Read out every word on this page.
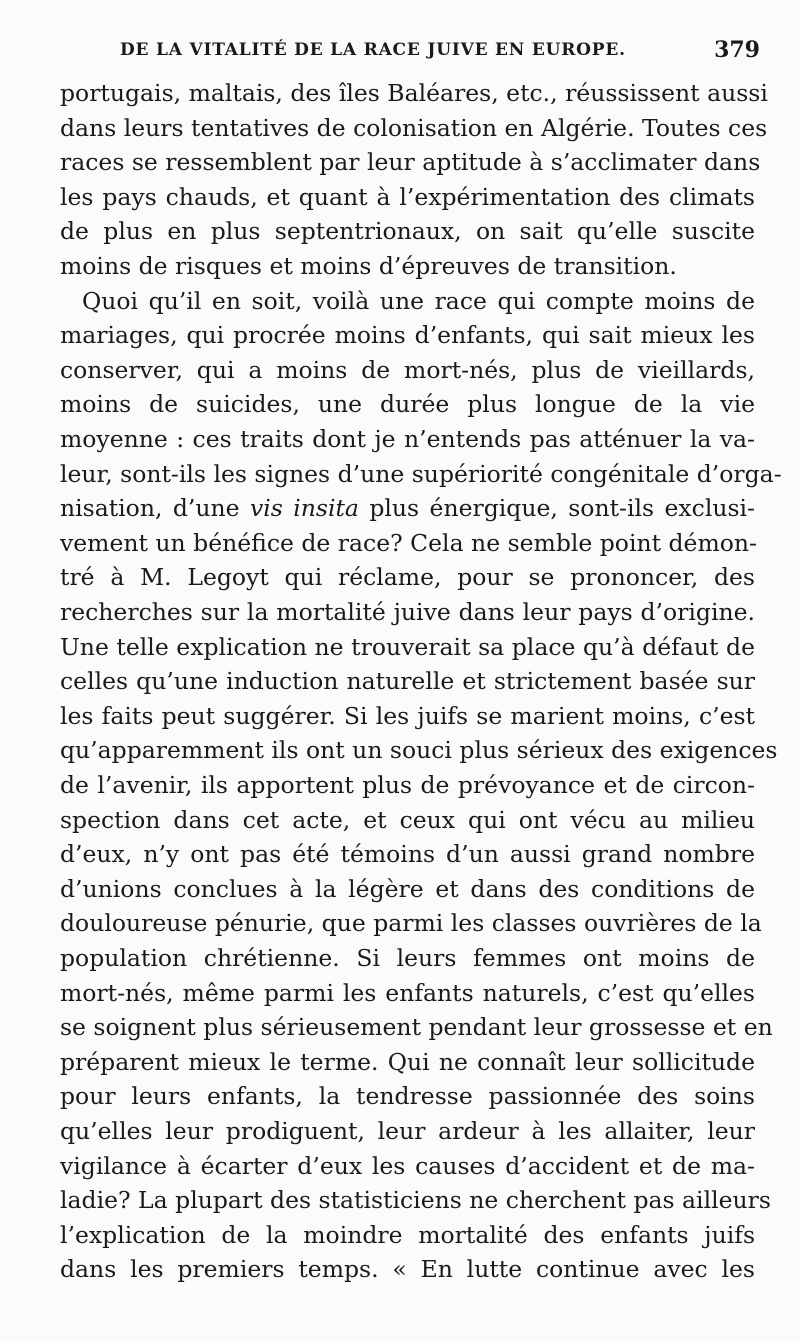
DE LA VITALITÉ DE LA RACE JUIVE EN EUROPE.	379
portugais, maltais, des îles Baléares, etc., réussissent aussi
dans leurs tentatives de colonisation en Algérie. Toutes ces
races se ressemblent par leur aptitude à s’acclimater dans
les pays chauds, et quant à l’expérimentation des climats
de plus en plus septentrionaux, on sait qu’elle suscite
moins de risques et moins d’épreuves de transition.
Quoi qu’il en soit, voilà une race qui compte moins de
mariages, qui procrée moins d’enfants, qui sait mieux les
conserver, qui a moins de mort-nés, plus de vieillards,
moins de suicides, une durée plus longue de la vie
moyenne : ces traits dont je n’entends pas atténuer la va-
leur, sont-ils les signes d’une supériorité congénitale d’orga-
nisation, d’une vis insita plus énergique, sont-ils exclusi-
vement un bénéfice de race? Cela ne semble point démon-
tré à M. Legoyt qui réclame, pour se prononcer, des
recherches sur la mortalité juive dans leur pays d’origine.
Une telle explication ne trouverait sa place qu’à défaut de
celles qu’une induction naturelle et strictement basée sur
les faits peut suggérer. Si les juifs se marient moins, c’est
qu’apparemment ils ont un souci plus sérieux des exigences
de l’avenir, ils apportent plus de prévoyance et de circon-
spection dans cet acte, et ceux qui ont vécu au milieu
d’eux, n’y ont pas été témoins d’un aussi grand nombre
d’unions conclues à la légère et dans des conditions de
douloureuse pénurie, que parmi les classes ouvrières de la
population chrétienne. Si leurs femmes ont moins de
mort-nés, même parmi les enfants naturels, c’est qu’elles
se soignent plus sérieusement pendant leur grossesse et en
préparent mieux le terme. Qui ne connaît leur sollicitude
pour leurs enfants, la tendresse passionnée des soins
qu’elles leur prodiguent, leur ardeur à les allaiter, leur
vigilance à écarter d’eux les causes d’accident et de ma-
ladie? La plupart des statisticiens ne cherchent pas ailleurs
l’explication de la moindre mortalité des enfants juifs
dans les premiers temps. « En lutte continue avec les
